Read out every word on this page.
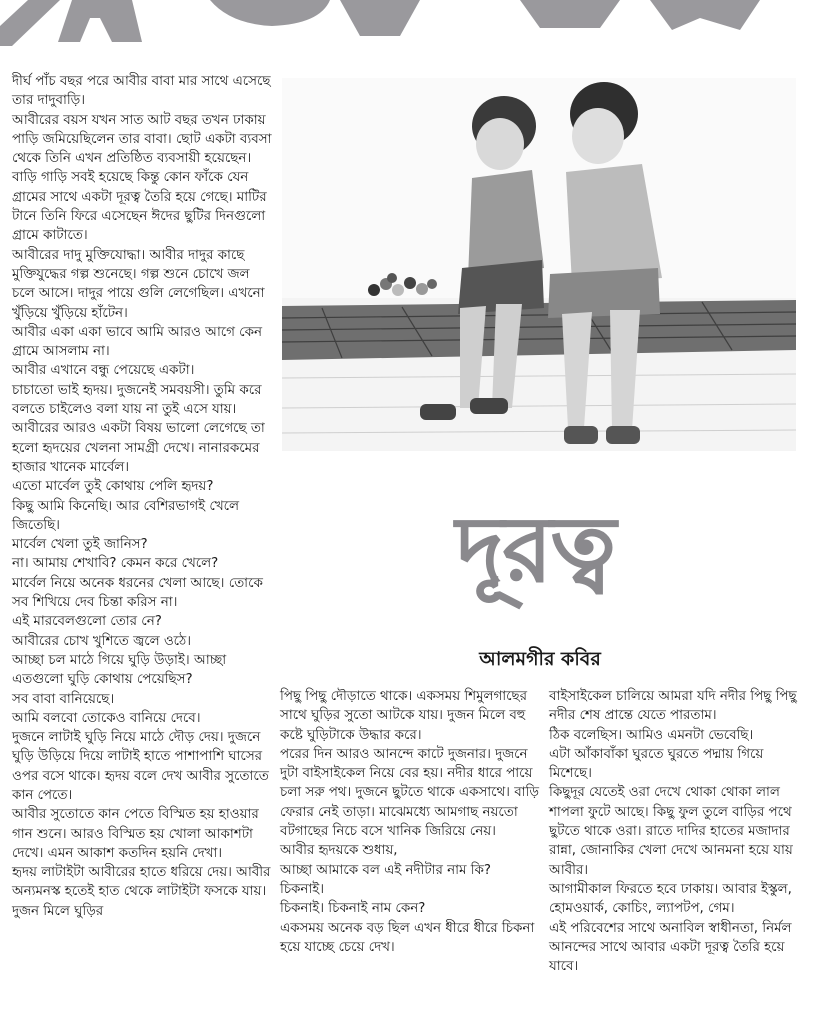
দীর্ঘ পাঁচ বছর পরে আবীর বাবা মার সাথে এসেছে তার দাদুবাড়ি।

আবীরের বয়স যখন সাত আট বছর তখন ঢাকায় পাড়ি জমিয়েছিলেন তার বাবা। ছোট একটা ব্যবসা থেকে তিনি এখন প্রতিষ্ঠিত ব্যবসায়ী হয়েছেন।

বাড়ি গাড়ি সবই হয়েছে কিন্তু কোন ফাঁকে যেন গ্রামের সাথে একটা দূরত্ব তৈরি হয়ে গেছে। মাটির টানে তিনি ফিরে এসেছেন ঈদের ছুটির দিনগুলো গ্রামে কাটাতে।

আবীরের দাদু মুক্তিযোদ্ধা। আবীর দাদুর কাছে মুক্তিযুদ্ধের গল্প শুনেছে। গল্প শুনে চোখে জল চলে আসে। দাদুর পায়ে গুলি লেগেছিল। এখনো খুঁড়িয়ে খুঁড়িয়ে হাঁটেন।

আবীর একা একা ভাবে আমি আরও আগে কেন গ্রামে আসলাম না।

আবীর এখানে বন্ধু পেয়েছে একটা।

চাচাতো ভাই হৃদয়। দুজনেই সমবয়সী। তুমি করে বলতে চাইলেও বলা যায় না তুই এসে যায়। আবীরের আরও একটা বিষয় ভালো লেগেছে তা হলো হৃদয়ের খেলনা সামগ্রী দেখে। নানারকমের হাজার খানেক মার্বেল।

এতো মার্বেল তুই কোথায় পেলি হৃদয়?

কিছু আমি কিনেছি। আর বেশিরভাগই খেলে জিতেছি।

মার্বেল খেলা তুই জানিস?

না। আমায় শেখাবি? কেমন করে খেলে?

মার্বেল নিয়ে অনেক ধরনের খেলা আছে। তোকে সব শিখিয়ে দেব চিন্তা করিস না।

এই মারবেলগুলো তোর নে?

আবীরের চোখ খুশিতে জ্বলে ওঠে।

আচ্ছা চল মাঠে গিয়ে ঘুড়ি উড়াই। আচ্ছা এতগুলো ঘুড়ি কোথায় পেয়েছিস?

সব বাবা বানিয়েছে।

আমি বলবো তোকেও বানিয়ে দেবে।

দুজনে লাটাই ঘুড়ি নিয়ে মাঠে দৌড় দেয়। দুজনে ঘুড়ি উড়িয়ে দিয়ে লাটাই হাতে পাশাপাশি ঘাসের ওপর বসে থাকে। হৃদয় বলে দেখ আবীর সুতোতে কান পেতে।

আবীর সুতোতে কান পেতে বিস্মিত হয় হাওয়ার গান শুনে। আরও বিস্মিত হয় খোলা আকাশটা দেখে। এমন আকাশ কতদিন হয়নি দেখা।

হৃদয় লাটাইটা আবীরের হাতে ধরিয়ে দেয়। আবীর অন্যমনস্ক হতেই হাত থেকে লাটাইটা ফসকে যায়। দুজন মিলে ঘুড়ির

দূরত্ব
আলমগীর কবির

পিছু পিছু দৌড়াতে থাকে। একসময় শিমুলগাছের সাথে ঘুড়ির সুতো আটকে যায়। দুজন মিলে বহু কষ্টে ঘুড়িটাকে উদ্ধার করে।

পরের দিন আরও আনন্দে কাটে দুজনার। দুজনে দুটা বাইসাইকেল নিয়ে বের হয়। নদীর ধারে পায়ে চলা সরু পথ। দুজনে ছুটতে থাকে একসাথে। বাড়ি ফেরার নেই তাড়া। মাঝেমধ্যে আমগাছ নয়তো বটগাছের নিচে বসে খানিক জিরিয়ে নেয়।

আবীর হৃদয়কে শুধায়,

আচ্ছা আমাকে বল এই নদীটার নাম কি?

চিকনাই।

চিকনাই। চিকনাই নাম কেন?

একসময় অনেক বড় ছিল এখন ধীরে ধীরে চিকনা হয়ে যাচ্ছে চেয়ে দেখ।

বাইসাইকেল চালিয়ে আমরা যদি নদীর পিছু পিছু নদীর শেষ প্রান্তে যেতে পারতাম।

ঠিক বলেছিস। আমিও এমনটা ভেবেছি।

এটা আঁকাবাঁকা ঘুরতে ঘুরতে পদ্মায় গিয়ে মিশেছে।

কিছুদূর যেতেই ওরা দেখে থোকা থোকা লাল শাপলা ফুটে আছে। কিছু ফুল তুলে বাড়ির পথে ছুটতে থাকে ওরা। রাতে দাদির হাতের মজাদার রান্না, জোনাকির খেলা দেখে আনমনা হয়ে যায় আবীর।

আগামীকাল ফিরতে হবে ঢাকায়। আবার ইস্কুল, হোমওয়ার্ক, কোচিং, ল্যাপটপ, গেম।

এই পরিবেশের সাথে অনাবিল স্বাধীনতা, নির্মল আনন্দের সাথে আবার একটা দূরত্ব তৈরি হয়ে যাবে।
